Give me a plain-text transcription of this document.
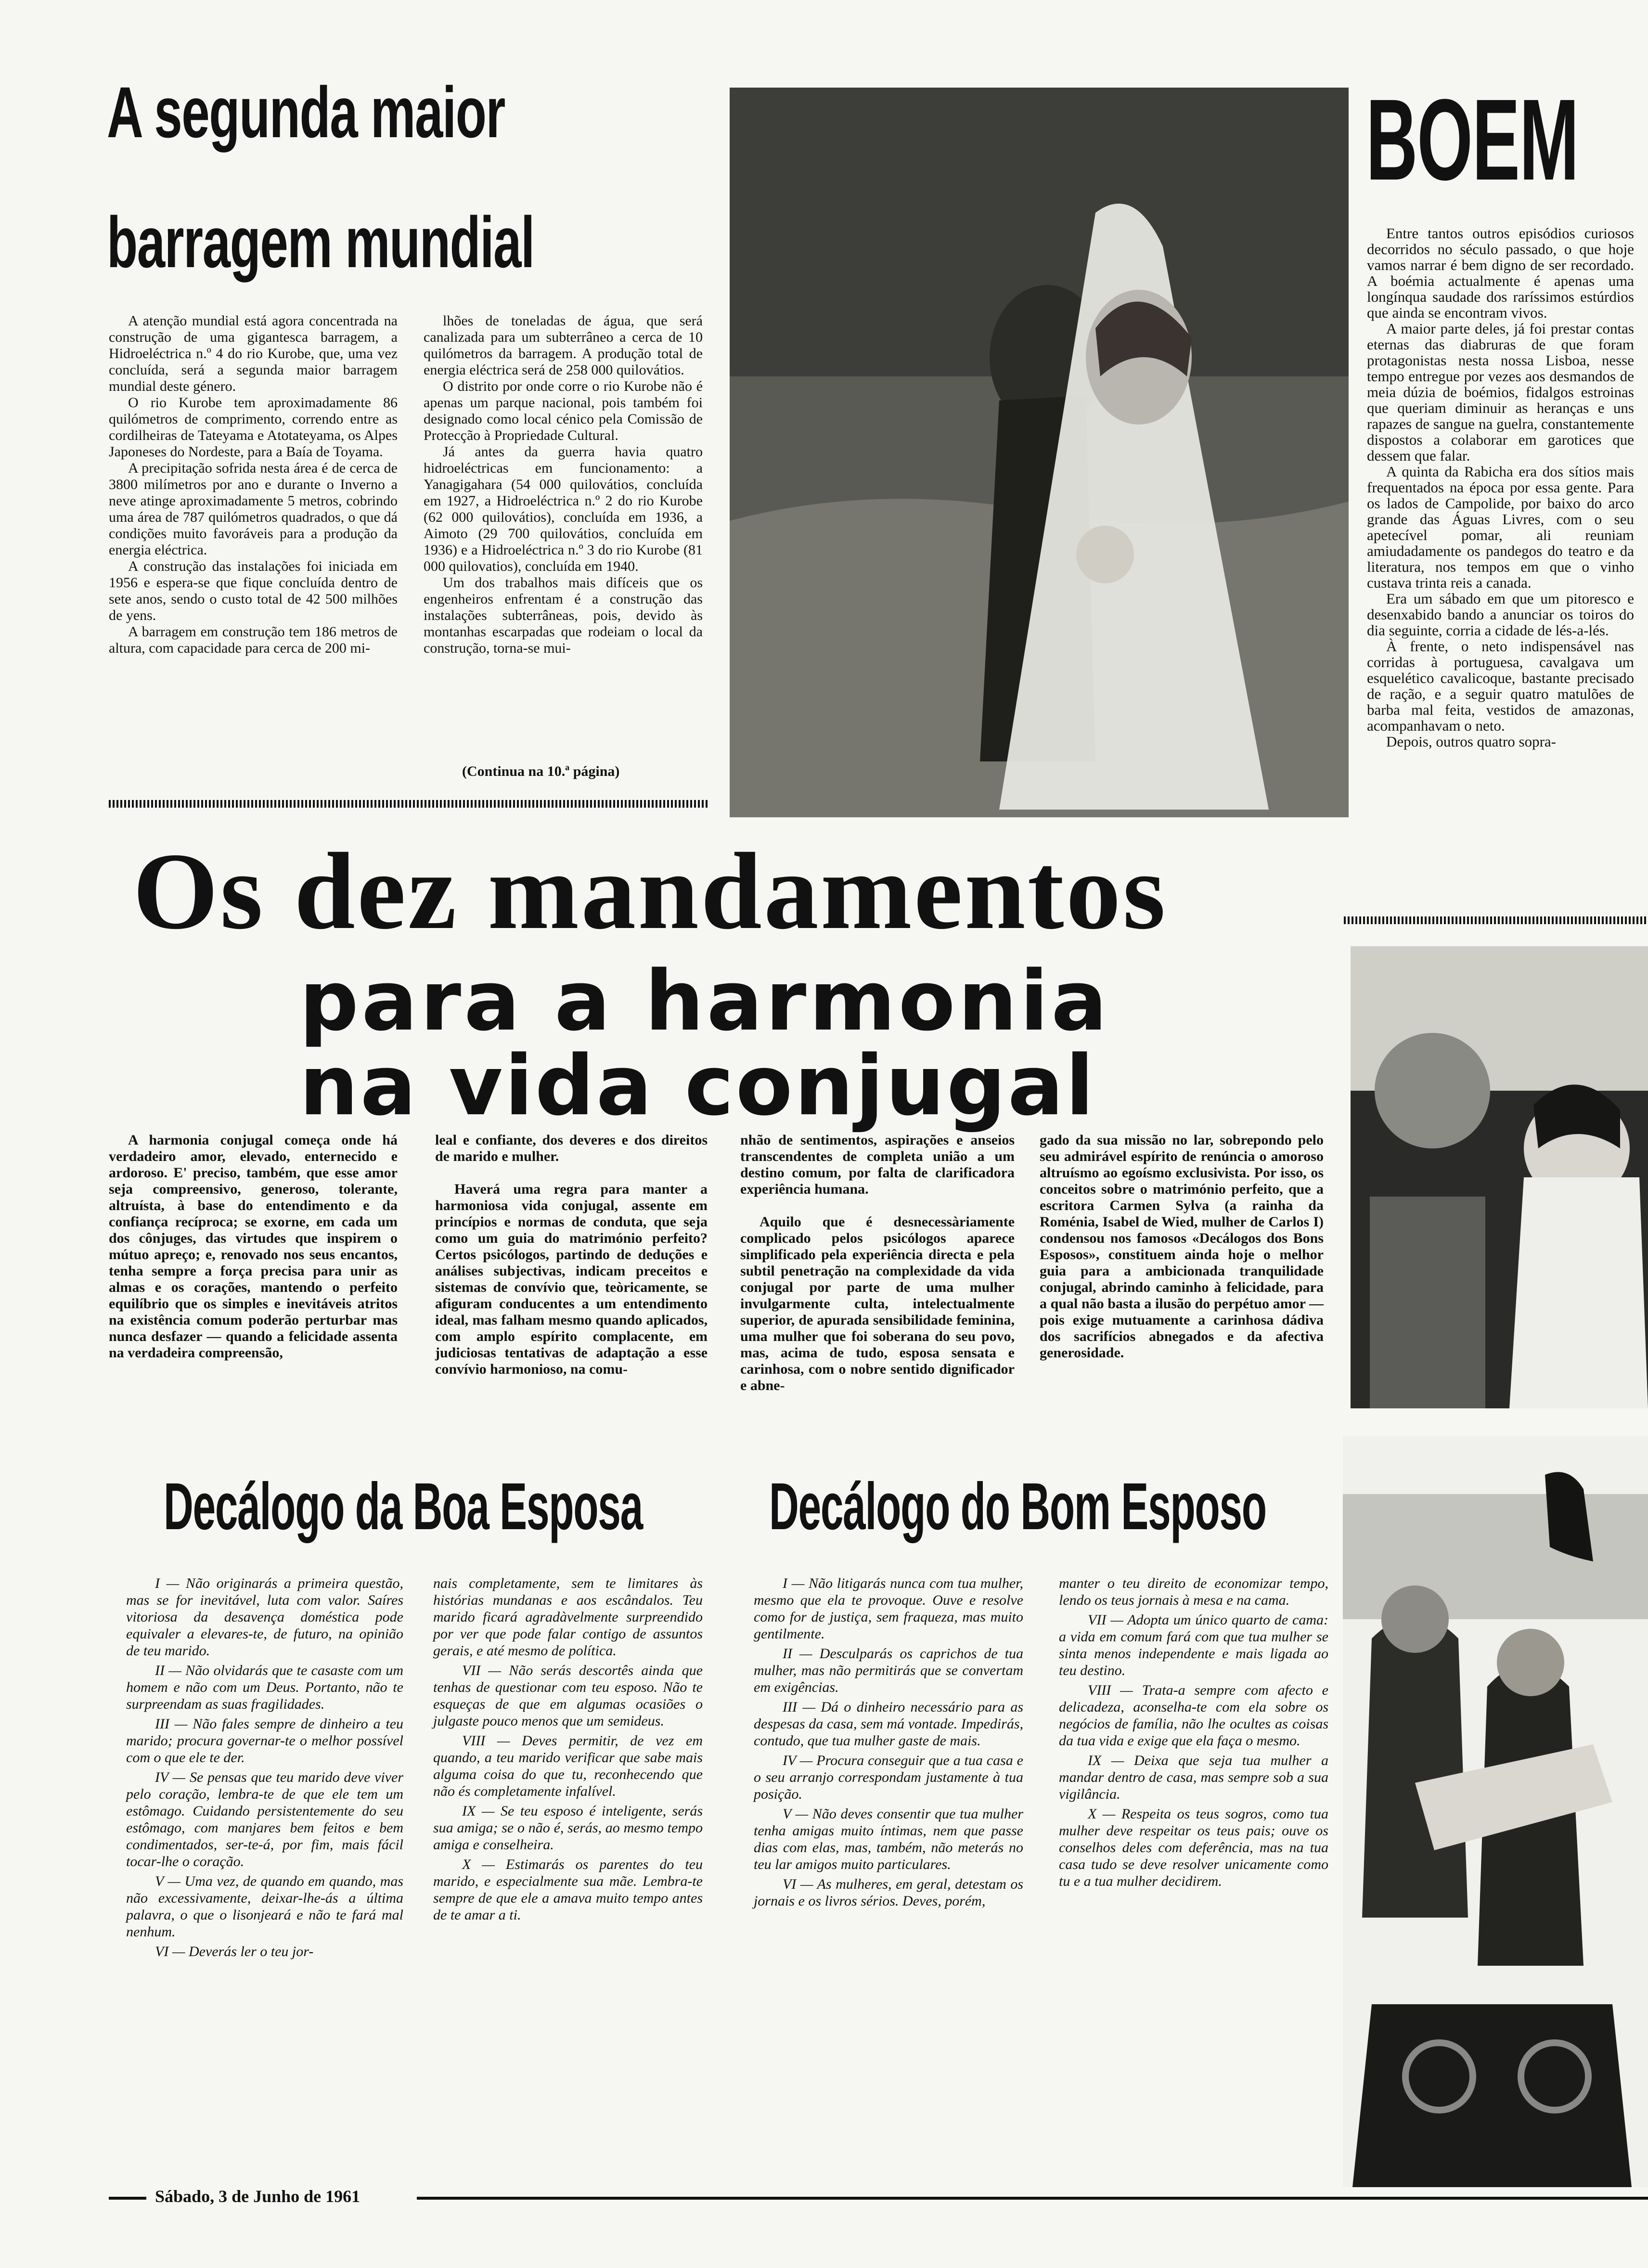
A segunda maior
barragem mundial

A atenção mundial está agora concentrada na construção de uma gigantesca barragem, a Hidroeléctrica n.º 4 do rio Kurobe, que, uma vez concluída, será a segunda maior barragem mundial deste género.

O rio Kurobe tem aproximadamente 86 quilómetros de comprimento, correndo entre as cordilheiras de Tateyama e Atotateyama, os Alpes Japoneses do Nordeste, para a Baía de Toyama.

A precipitação sofrida nesta área é de cerca de 3800 milímetros por ano e durante o Inverno a neve atinge aproximadamente 5 metros, cobrindo uma área de 787 quilómetros quadrados, o que dá condições muito favoráveis para a produção da energia eléctrica.

A construção das instalações foi iniciada em 1956 e espera-se que fique concluída dentro de sete anos, sendo o custo total de 42 500 milhões de yens.

A barragem em construção tem 186 metros de altura, com capacidade para cerca de 200 mi-

lhões de toneladas de água, que será canalizada para um subterrâneo a cerca de 10 quilómetros da barragem. A produção total de energia eléctrica será de 258 000 quilovátios.

O distrito por onde corre o rio Kurobe não é apenas um parque nacional, pois também foi designado como local cénico pela Comissão de Protecção à Propriedade Cultural.

Já antes da guerra havia quatro hidroeléctricas em funcionamento: a Yanagigahara (54 000 quilovátios, concluída em 1927, a Hidroeléctrica n.º 2 do rio Kurobe (62 000 quilovátios), concluída em 1936, a Aimoto (29 700 quilovátios, concluída em 1936) e a Hidroeléctrica n.º 3 do rio Kurobe (81 000 quilovatios), concluída em 1940.

Um dos trabalhos mais difíceis que os engenheiros enfrentam é a construção das instalações subterrâneas, pois, devido às montanhas escarpadas que rodeiam o local da construção, torna-se mui-

(Continua na 10.ª página)
BOEM

Entre tantos outros episódios curiosos decorridos no século passado, o que hoje vamos narrar é bem digno de ser recordado. A boémia actualmente é apenas uma longínqua saudade dos raríssimos estúrdios que ainda se encontram vivos.

A maior parte deles, já foi prestar contas eternas das diabruras de que foram protagonistas nesta nossa Lisboa, nesse tempo entregue por vezes aos desmandos de meia dúzia de boémios, fidalgos estroinas que queriam diminuir as heranças e uns rapazes de sangue na guelra, constantemente dispostos a colaborar em garotices que dessem que falar.

A quinta da Rabicha era dos sítios mais frequentados na época por essa gente. Para os lados de Campolide, por baixo do arco grande das Águas Livres, com o seu apetecível pomar, ali reuniam amiudadamente os pandegos do teatro e da literatura, nos tempos em que o vinho custava trinta reis a canada.

Era um sábado em que um pitoresco e desenxabido bando a anunciar os toiros do dia seguinte, corria a cidade de lés-a-lés.

À frente, o neto indispensável nas corridas à portuguesa, cavalgava um esquelético cavalicoque, bastante precisado de ração, e a seguir quatro matulões de barba mal feita, vestidos de amazonas, acompanhavam o neto.

Depois, outros quatro sopra-

Os dez mandamentos
para a harmonia
na vida conjugal

A harmonia conjugal começa onde há verdadeiro amor, elevado, enternecido e ardoroso. E' preciso, também, que esse amor seja compreensivo, generoso, tolerante, altruísta, à base do entendimento e da confiança recíproca; se exorne, em cada um dos cônjuges, das virtudes que inspirem o mútuo apreço; e, renovado nos seus encantos, tenha sempre a força precisa para unir as almas e os corações, mantendo o perfeito equilíbrio que os simples e inevitáveis atritos na existência comum poderão perturbar mas nunca desfazer — quando a felicidade assenta na verdadeira compreensão,

leal e confiante, dos deveres e dos direitos de marido e mulher.

Haverá uma regra para manter a harmoniosa vida conjugal, assente em princípios e normas de conduta, que seja como um guia do matrimónio perfeito? Certos psicólogos, partindo de deduções e análises subjectivas, indicam preceitos e sistemas de convívio que, teòricamente, se afiguram conducentes a um entendimento ideal, mas falham mesmo quando aplicados, com amplo espírito complacente, em judiciosas tentativas de adaptação a esse convívio harmonioso, na comu-

nhão de sentimentos, aspirações e anseios transcendentes de completa união a um destino comum, por falta de clarificadora experiência humana.

Aquilo que é desnecessàriamente complicado pelos psicólogos aparece simplificado pela experiência directa e pela subtil penetração na complexidade da vida conjugal por parte de uma mulher invulgarmente culta, intelectualmente superior, de apurada sensibilidade feminina, uma mulher que foi soberana do seu povo, mas, acima de tudo, esposa sensata e carinhosa, com o nobre sentido dignificador e abne-

gado da sua missão no lar, sobrepondo pelo seu admirável espírito de renúncia o amoroso altruísmo ao egoísmo exclusivista. Por isso, os conceitos sobre o matrimónio perfeito, que a escritora Carmen Sylva (a rainha da Roménia, Isabel de Wied, mulher de Carlos I) condensou nos famosos «Decálogos dos Bons Esposos», constituem ainda hoje o melhor guia para a ambicionada tranquilidade conjugal, abrindo caminho à felicidade, para a qual não basta a ilusão do perpétuo amor — pois exige mutuamente a carinhosa dádiva dos sacrifícios abnegados e da afectiva generosidade.

Decálogo da Boa Esposa

I — Não originarás a primeira questão, mas se for inevitável, luta com valor. Saíres vitoriosa da desavença doméstica pode equivaler a elevares-te, de futuro, na opinião de teu marido.

II — Não olvidarás que te casaste com um homem e não com um Deus. Portanto, não te surpreendam as suas fragilidades.

III — Não fales sempre de dinheiro a teu marido; procura governar-te o melhor possível com o que ele te der.

IV — Se pensas que teu marido deve viver pelo coração, lembra-te de que ele tem um estômago. Cuidando persistentemente do seu estômago, com manjares bem feitos e bem condimentados, ser-te-á, por fim, mais fácil tocar-lhe o coração.

V — Uma vez, de quando em quando, mas não excessivamente, deixar-lhe-ás a última palavra, o que o lisonjeará e não te fará mal nenhum.

VI — Deverás ler o teu jor-

nais completamente, sem te limitares às histórias mundanas e aos escândalos. Teu marido ficará agradàvelmente surpreendido por ver que pode falar contigo de assuntos gerais, e até mesmo de política.

VII — Não serás descortês ainda que tenhas de questionar com teu esposo. Não te esqueças de que em algumas ocasiões o julgaste pouco menos que um semideus.

VIII — Deves permitir, de vez em quando, a teu marido verificar que sabe mais alguma coisa do que tu, reconhecendo que não és completamente infalível.

IX — Se teu esposo é inteligente, serás sua amiga; se o não é, serás, ao mesmo tempo amiga e conselheira.

X — Estimarás os parentes do teu marido, e especialmente sua mãe. Lembra-te sempre de que ele a amava muito tempo antes de te amar a ti.

Decálogo do Bom Esposo

I — Não litigarás nunca com tua mulher, mesmo que ela te provoque. Ouve e resolve como for de justiça, sem fraqueza, mas muito gentilmente.

II — Desculparás os caprichos de tua mulher, mas não permitirás que se convertam em exigências.

III — Dá o dinheiro necessário para as despesas da casa, sem má vontade. Impedirás, contudo, que tua mulher gaste de mais.

IV — Procura conseguir que a tua casa e o seu arranjo correspondam justamente à tua posição.

V — Não deves consentir que tua mulher tenha amigas muito íntimas, nem que passe dias com elas, mas, também, não meterás no teu lar amigos muito particulares.

VI — As mulheres, em geral, detestam os jornais e os livros sérios. Deves, porém,

manter o teu direito de economizar tempo, lendo os teus jornais à mesa e na cama.

VII — Adopta um único quarto de cama: a vida em comum fará com que tua mulher se sinta menos independente e mais ligada ao teu destino.

VIII — Trata-a sempre com afecto e delicadeza, aconselha-te com ela sobre os negócios de família, não lhe ocultes as coisas da tua vida e exige que ela faça o mesmo.

IX — Deixa que seja tua mulher a mandar dentro de casa, mas sempre sob a sua vigilância.

X — Respeita os teus sogros, como tua mulher deve respeitar os teus pais; ouve os conselhos deles com deferência, mas na tua casa tudo se deve resolver unicamente como tu e a tua mulher decidirem.

Sábado, 3 de Junho de 1961
